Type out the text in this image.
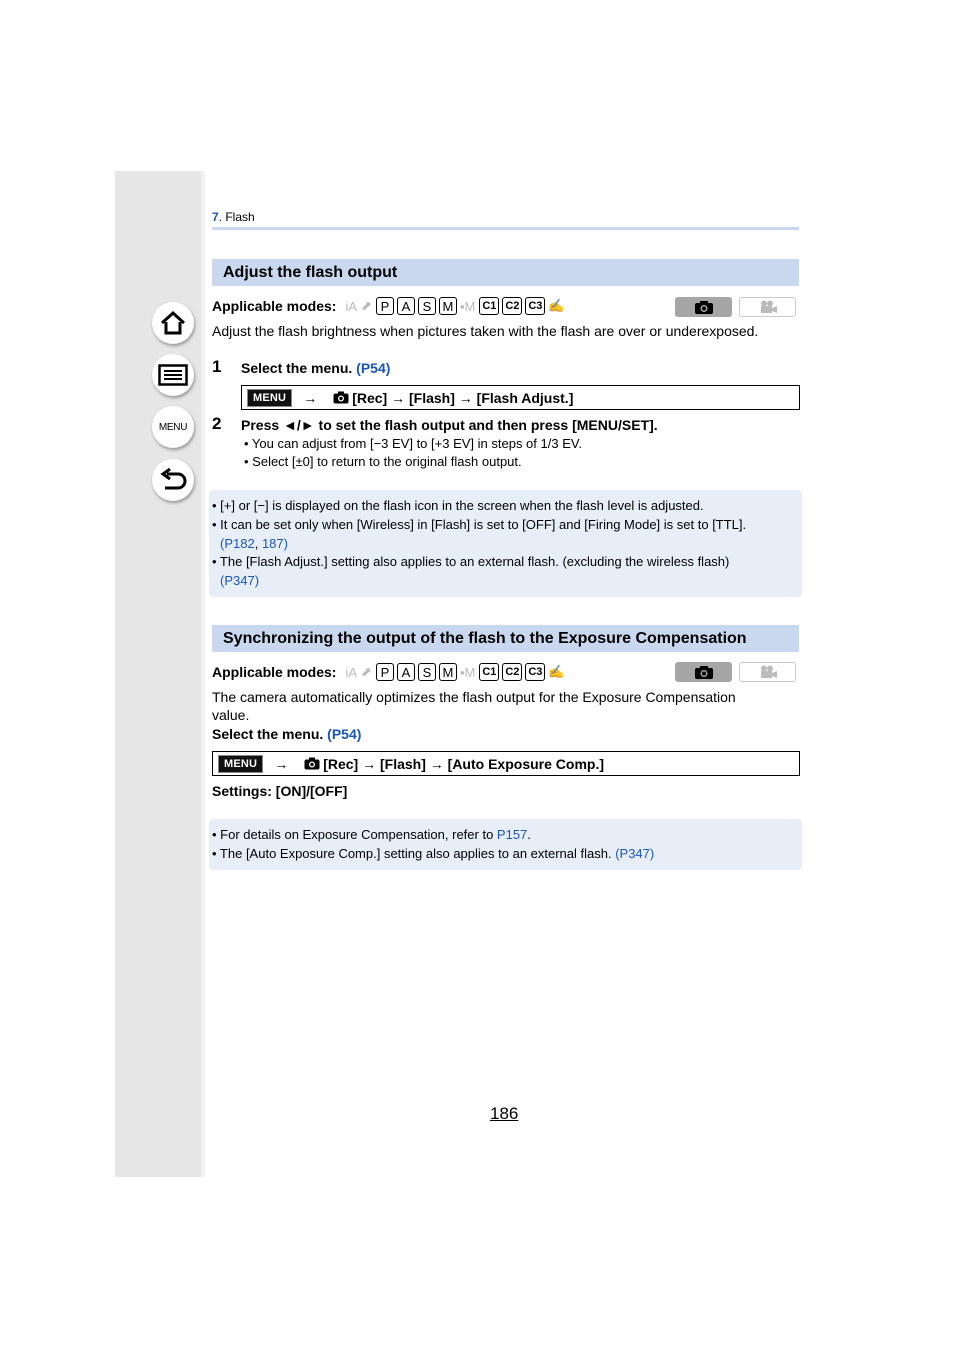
MENU
7. Flash
Adjust the flash output
Applicable modes: iA ⬈ P A S M ▪M C1 C2 C3 ✍
Adjust the flash brightness when pictures taken with the flash are over or underexposed.
1 Select the menu. (P54)
MENU	→	[Rec] → [Flash] → [Flash Adjust.]
2 Press ◄/► to set the flash output and then press [MENU/SET].
• You can adjust from [−3 EV] to [+3 EV] in steps of 1/3 EV.
• Select [±0] to return to the original flash output.
• [+] or [−] is displayed on the flash icon in the screen when the flash level is adjusted.
• It can be set only when [Wireless] in [Flash] is set to [OFF] and [Firing Mode] is set to [TTL].
(P182, 187)
• The [Flash Adjust.] setting also applies to an external flash. (excluding the wireless flash)
(P347)
Synchronizing the output of the flash to the Exposure Compensation
Applicable modes: iA ⬈ P A S M ▪M C1 C2 C3 ✍
The camera automatically optimizes the flash output for the Exposure Compensation
value.
Select the menu. (P54)
MENU	→	[Rec] → [Flash] → [Auto Exposure Comp.]
Settings: [ON]/[OFF]
• For details on Exposure Compensation, refer to P157.
• The [Auto Exposure Comp.] setting also applies to an external flash. (P347)
186
